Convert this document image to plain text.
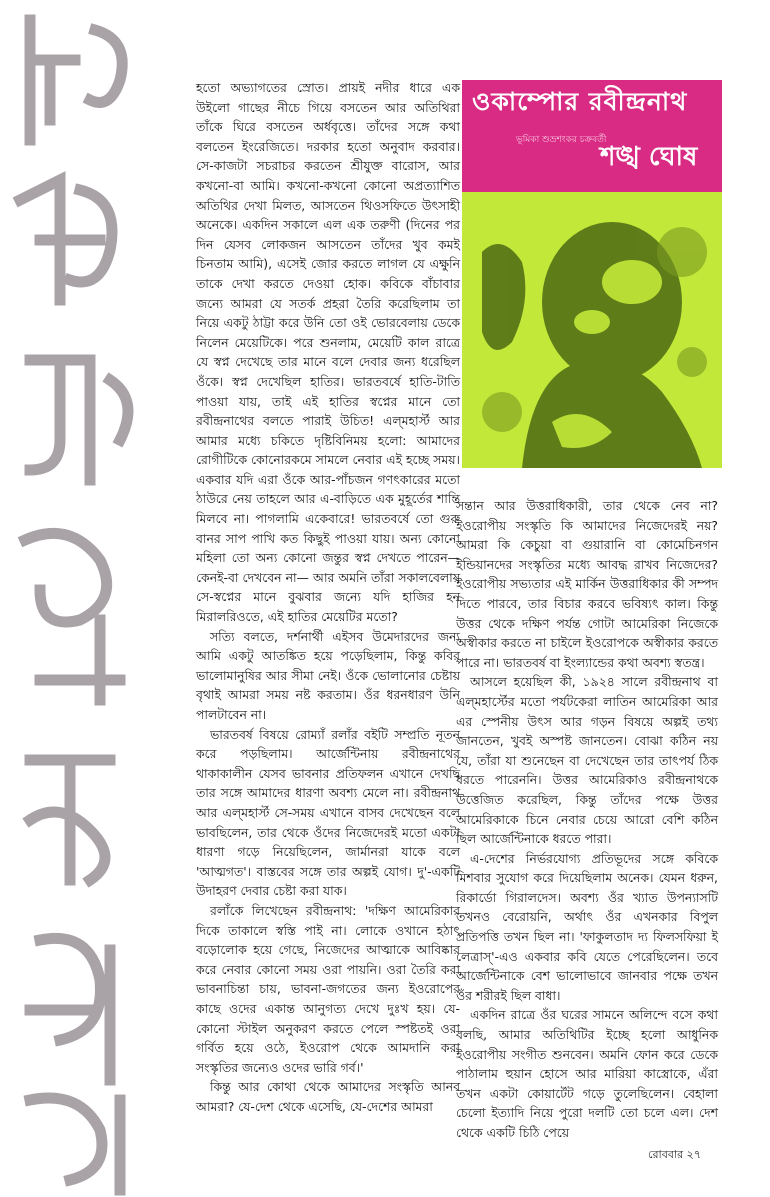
হতো অভ্যাগতের স্রোত। প্রায়ই নদীর ধারে এক উইলো গাছের নীচে গিয়ে বসতেন আর অতিথিরা তাঁকে ঘিরে বসতেন অর্ধবৃত্তে। তাঁদের সঙ্গে কথা বলতেন ইংরেজিতে। দরকার হতো অনুবাদ করবার। সে-কাজটা সচরাচর করতেন শ্রীযুক্ত বারোস, আর কখনো-বা আমি। কখনো-কখনো কোনো অপ্রত্যাশিত অতিথির দেখা মিলত, আসতেন থিওসফিতে উৎসাহী অনেকে। একদিন সকালে এল এক তরুণী (দিনের পর দিন যেসব লোকজন আসতেন তাঁদের খুব কমই চিনতাম আমি), এসেই জোর করতে লাগল যে এক্ষুনি তাকে দেখা করতে দেওয়া হোক। কবিকে বাঁচাবার জন্যে আমরা যে সতর্ক প্রহরা তৈরি করেছিলাম তা নিয়ে একটু ঠাট্টা করে উনি তো ওই ভোরবেলায় ডেকে নিলেন মেয়েটিকে। পরে শুনলাম, মেয়েটি কাল রাত্রে যে স্বপ্ন দেখেছে তার মানে বলে দেবার জন্য ধরেছিল ওঁকে। স্বপ্ন দেখেছিল হাতির। ভারতবর্ষে হাতি-টাতি পাওয়া যায়, তাই এই হাতির স্বপ্নের মানে তো রবীন্দ্রনাথের বলতে পারাই উচিত! এল্‌মহার্স্ট আর আমার মধ্যে চকিতে দৃষ্টিবিনিময় হলো: আমাদের রোগীটিকে কোনোরকমে সামলে নেবার এই হচ্ছে সময়। একবার যদি এরা ওঁকে আর-পাঁচজন গণৎকারের মতো ঠাউরে নেয় তাহলে আর এ-বাড়িতে এক মুহূর্তের শান্তি মিলবে না। পাগলামি একেবারে! ভারতবর্ষে তো গুরু বানর সাপ পাখি কত কিছুই পাওয়া যায়। অন্য কোনো মহিলা তো অন্য কোনো জন্তুর স্বপ্ন দেখতে পারেন— কেনই-বা দেখবেন না— আর অমনি তাঁরা সকালবেলায় সে-স্বপ্নের মানে বুঝবার জন্যে যদি হাজির হন মিরালরিওতে, এই হাতির মেয়েটির মতো?

সত্যি বলতে, দর্শনার্থী এইসব উমেদারদের জন্য আমি একটু আতঙ্কিত হয়ে পড়েছিলাম, কিন্তু কবির ভালোমানুষির আর সীমা নেই। ওঁকে ভোলানোর চেষ্টায় বৃথাই আমরা সময় নষ্ট করতাম। ওঁর ধরনধারণ উনি পালটাবেন না।

ভারতবর্ষ বিষয়ে রোম্যাঁ রলাঁর বইটি সম্প্রতি নূতন করে পড়ছিলাম। আর্জেন্টিনায় রবীন্দ্রনাথের থাকাকালীন যেসব ভাবনার প্রতিফলন এখানে দেখছি তার সঙ্গে আমাদের ধারণা অবশ্য মেলে না। রবীন্দ্রনাথ আর এল্‌মহার্স্ট সে-সময় এখানে বাসব দেখেছেন বলে ভাবছিলেন, তার থেকে ওঁদের নিজেদেরই মতো একটা ধারণা গড়ে নিয়েছিলেন, জার্মানরা যাকে বলে 'আত্মগত'। বাস্তবের সঙ্গে তার অল্পই যোগ। দু'-একটি উদাহরণ দেবার চেষ্টা করা যাক।

রলাঁকে লিখেছেন রবীন্দ্রনাথ: 'দক্ষিণ আমেরিকার দিকে তাকালে স্বস্তি পাই না। লোকে ওখানে হঠাৎ বড়োলোক হয়ে গেছে, নিজেদের আত্মাকে আবিষ্কার করে নেবার কোনো সময় ওরা পায়নি। ওরা তৈরি করা ভাবনাচিন্তা চায়, ভাবনা-জগতের জন্য ইওরোপের কাছে ওদের একান্ত আনুগত্য দেখে দুঃখ হয়। যে-কোনো স্টাইল অনুকরণ করতে পেলে স্পষ্টতই ওরা গর্বিত হয়ে ওঠে, ইওরোপ থেকে আমদানি করা সংস্কৃতির জন্যেও ওদের ভারি গর্ব।'

কিন্তু আর কোথা থেকে আমাদের সংস্কৃতি আনব আমরা? যে-দেশ থেকে এসেছি, যে-দেশের আমরা

ওকাম্পোর রবীন্দ্রনাথ
ভূমিকা শুভ্রশংকর চক্রবর্তী
শঙ্খ ঘোষ

সন্তান আর উত্তরাধিকারী, তার থেকে নেব না? ইওরোপীয় সংস্কৃতি কি আমাদের নিজেদেরই নয়? আমরা কি কেচুয়া বা গুয়ারানি বা কোমেচিনগন ইন্ডিয়ানদের সংস্কৃতির মধ্যে আবদ্ধ রাখব নিজেদের? ইওরোপীয় সভ্যতার এই মার্কিন উত্তরাধিকার কী সম্পদ দিতে পারবে, তার বিচার করবে ভবিষ্যৎ কাল। কিন্তু উত্তর থেকে দক্ষিণ পর্যন্ত গোটা আমেরিকা নিজেকে অস্বীকার করতে না চাইলে ইওরোপকে অস্বীকার করতে পারে না। ভারতবর্ষ বা ইংল্যান্ডের কথা অবশ্য স্বতন্ত্র।

আসলে হয়েছিল কী, ১৯২৪ সালে রবীন্দ্রনাথ বা এল্‌মহার্স্টের মতো পর্যটকেরা লাতিন আমেরিকা আর এর স্পেনীয় উৎস আর গড়ন বিষয়ে অল্পই তথ্য জানতেন, খুবই অস্পষ্ট জানতেন। বোঝা কঠিন নয় যে, তাঁরা যা শুনেছেন বা দেখেছেন তার তাৎপর্য ঠিক ধরতে পারেননি। উত্তর আমেরিকাও রবীন্দ্রনাথকে উত্তেজিত করেছিল, কিন্তু তাঁদের পক্ষে উত্তর আমেরিকাকে চিনে নেবার চেয়ে আরো বেশি কঠিন ছিল আর্জেন্টিনাকে ধরতে পারা।

এ-দেশের নির্ভরযোগ্য প্রতিভূদের সঙ্গে কবিকে মিশবার সুযোগ করে দিয়েছিলাম অনেক। যেমন ধরুন, রিকার্ডো গিরালদেস। অবশ্য ওঁর খ্যাত উপন্যাসটি তখনও বেরোয়নি, অর্থাৎ ওঁর এখনকার বিপুল প্রতিপত্তি তখন ছিল না। 'ফাকুলতাদ দ্য ফিলসফিয়া ই লেত্রাস্'-এও একবার কবি যেতে পেরেছিলেন। তবে আর্জেন্টিনাকে বেশ ভালোভাবে জানবার পক্ষে তখন ওঁর শরীরই ছিল বাধা।

একদিন রাত্রে ওঁর ঘরের সামনে অলিন্দে বসে কথা বলছি, আমার অতিথিটির ইচ্ছে হলো আধুনিক ইওরোপীয় সংগীত শুনবেন। অমনি ফোন করে ডেকে পাঠালাম হুয়ান হোসে আর মারিয়া কাস্ত্রোকে, এঁরা তখন একটা কোয়ার্টেট গড়ে তুলেছিলেন। বেহালা চেলো ইত্যাদি নিয়ে পুরো দলটি তো চলে এল। দেশ থেকে একটি চিঠি পেয়ে

রোববার ২৭
